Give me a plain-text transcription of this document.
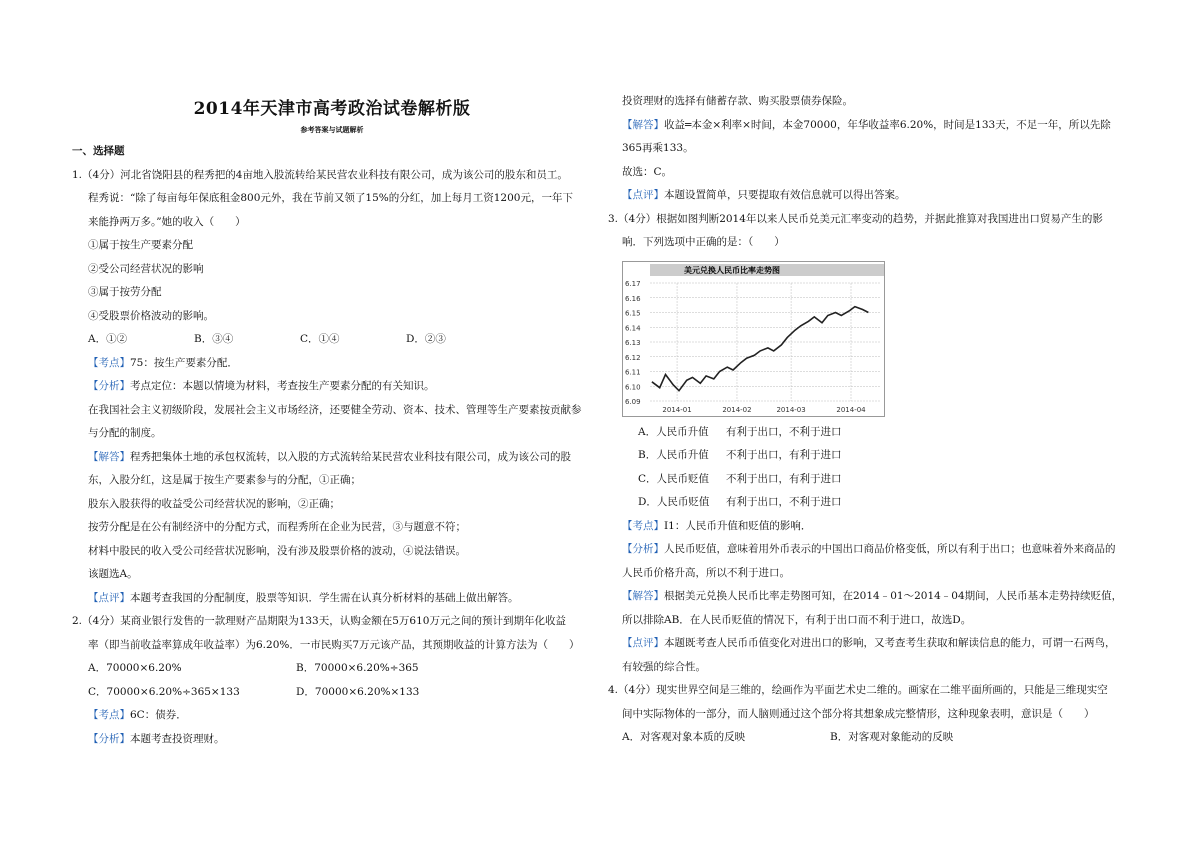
2014年天津市高考政治试卷解析版
参考答案与试题解析
一、选择题
1.（4分）河北省饶阳县的程秀把的4亩地入股流转给某民营农业科技有限公司，成为该公司的股东和员工。
程秀说：“除了每亩每年保底租金800元外，我在节前又领了15%的分红，加上每月工资1200元，一年下
来能挣两万多。”她的收入（　　）
①属于按生产要素分配
②受公司经营状况的影响
③属于按劳分配
④受股票价格波动的影响。
A．①②	B．③④	C．①④	D．②③
【考点】75：按生产要素分配．
【分析】考点定位：本题以情境为材料，考查按生产要素分配的有关知识。
在我国社会主义初级阶段，发展社会主义市场经济，还要健全劳动、资本、技术、管理等生产要素按贡献参
与分配的制度。
【解答】程秀把集体土地的承包权流转，以入股的方式流转给某民营农业科技有限公司，成为该公司的股
东，入股分红，这是属于按生产要素参与的分配，①正确；
股东入股获得的收益受公司经营状况的影响，②正确；
按劳分配是在公有制经济中的分配方式，而程秀所在企业为民营，③与题意不符；
材料中股民的收入受公司经营状况影响，没有涉及股票价格的波动，④说法错误。
该题选A。
【点评】本题考查我国的分配制度，股票等知识．学生需在认真分析材料的基础上做出解答。
2.（4分）某商业银行发售的一款理财产品期限为133天，认购金额在5万610万元之间的预计到期年化收益
率（即当前收益率算成年收益率）为6.20%．一市民购买7万元该产品，其预期收益的计算方法为（　　）
A．70000×6.20%	B．70000×6.20%÷365
C．70000×6.20%÷365×133	D．70000×6.20%×133
【考点】6C：债券．
【分析】本题考查投资理财。
投资理财的选择有储蓄存款、购买股票债券保险。
【解答】收益═本金×利率×时间，本金70000，年华收益率6.20%，时间是133天，不足一年，所以先除
365再乘133。
故选：C。
【点评】本题设置简单，只要提取有效信息就可以得出答案。
3.（4分）根据如图判断2014年以来人民币兑美元汇率变动的趋势，并据此推算对我国进出口贸易产生的影
响．下列选项中正确的是：（　　）
美元兑换人民币比率走势图
6.17
6.16
6.15
6.14
6.13
6.12
6.11
6.10
6.09
2014-01	2014-02	2014-03	2014-04
A．人民币升值 有利于出口，不利于进口
B．人民币升值 不利于出口，有利于进口
C．人民币贬值 不利于出口，有利于进口
D．人民币贬值 有利于出口，不利于进口
【考点】I1：人民币升值和贬值的影响．
【分析】人民币贬值，意味着用外币表示的中国出口商品价格变低，所以有利于出口；也意味着外来商品的
人民币价格升高，所以不利于进口。
【解答】根据美元兑换人民币比率走势图可知，在2014﹣01～2014﹣04期间，人民币基本走势持续贬值，
所以排除AB．在人民币贬值的情况下，有利于出口而不利于进口，故选D。
【点评】本题既考查人民币币值变化对进出口的影响，又考查考生获取和解读信息的能力，可谓一石两鸟，
有较强的综合性。
4.（4分）现实世界空间是三维的，绘画作为平面艺术史二维的。画家在二维平面所画的，只能是三维现实空
间中实际物体的一部分，而人脑则通过这个部分将其想象成完整情形，这种现象表明，意识是（　　）
A．对客观对象本质的反映	B．对客观对象能动的反映
